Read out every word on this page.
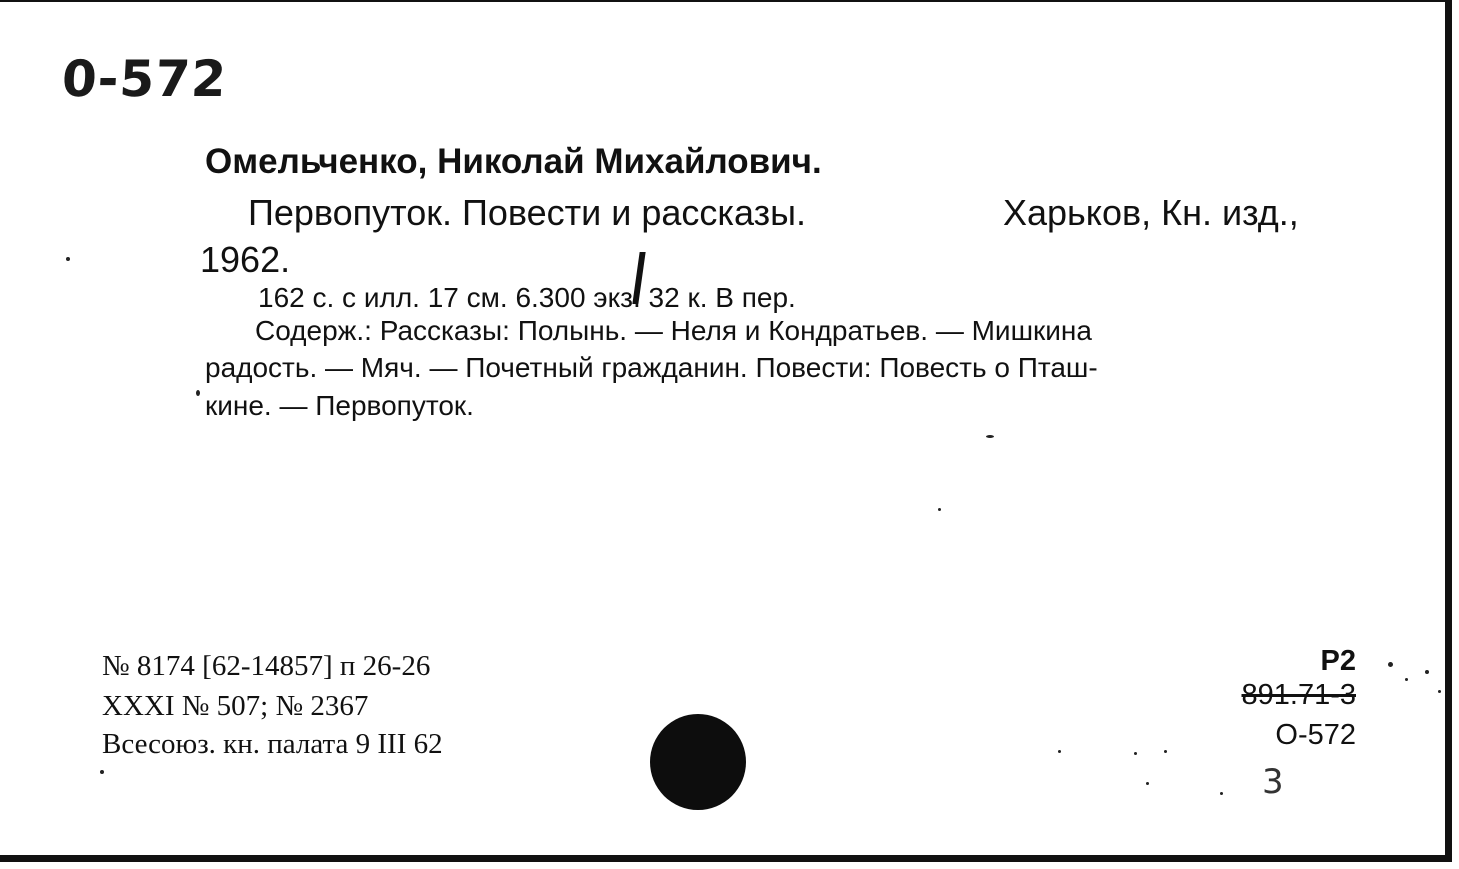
0-572
Омельченко, Николай Михайлович.
Первопуток. Повести и рассказы.	Харьков, Кн. изд.,
1962.
162 с. с илл. 17 см. 6.300 экз. 32 к. В пер.
Содерж.: Рассказы: Полынь. — Неля и Кондратьев. — Мишкина
радость. — Мяч. — Почетный гражданин. Повести: Повесть о Пташ-
кине. — Первопуток.
№ 8174 [62-14857] п 26-26
XXXI № 507; № 2367
Всесоюз. кн. палата 9 III 62
Р2
891.71-3
О-572
3
